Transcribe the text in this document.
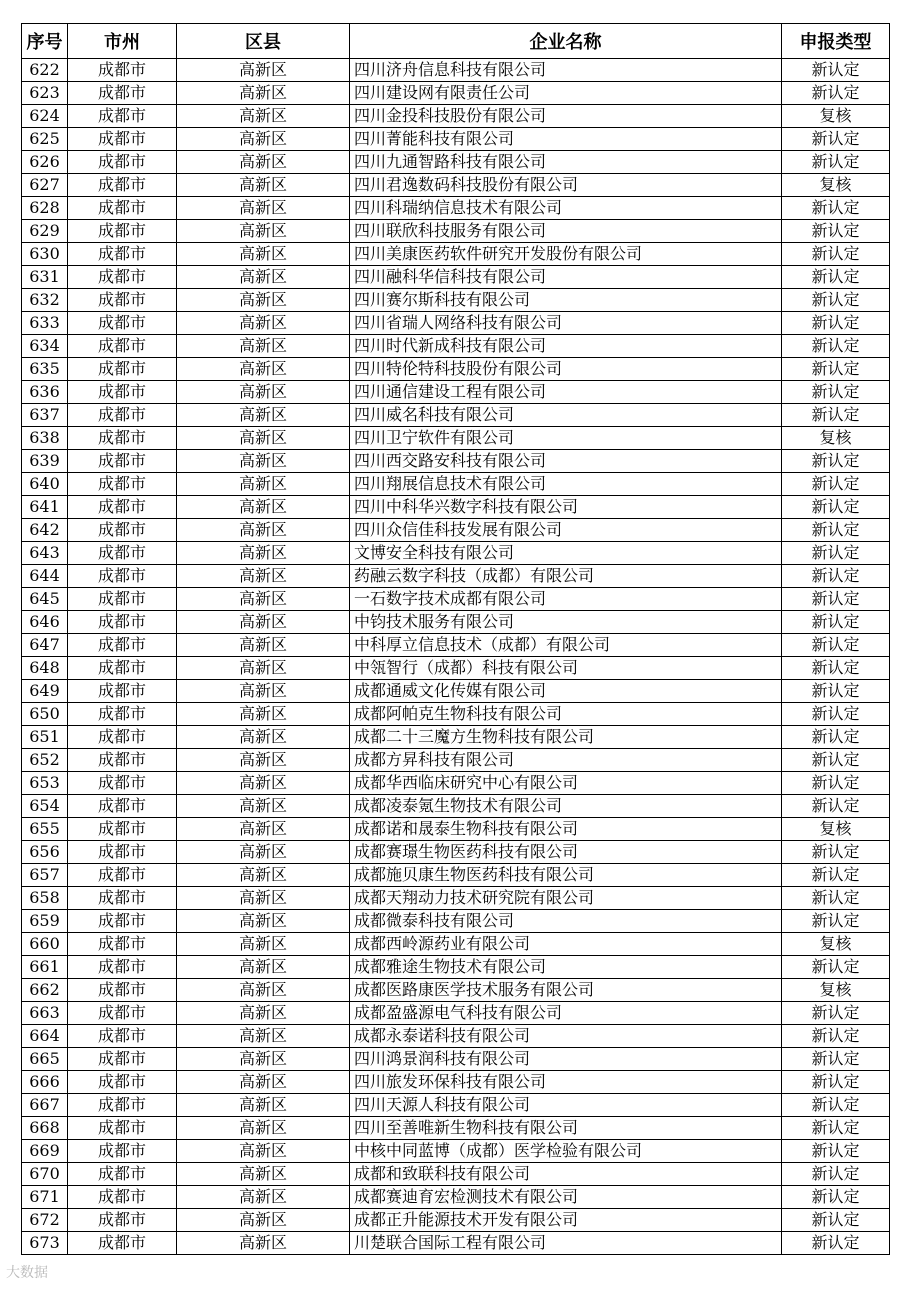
序号	市州	区县	企业名称	申报类型
622	成都市	高新区	四川济舟信息科技有限公司	新认定
623	成都市	高新区	四川建设网有限责任公司	新认定
624	成都市	高新区	四川金投科技股份有限公司	复核
625	成都市	高新区	四川菁能科技有限公司	新认定
626	成都市	高新区	四川九通智路科技有限公司	新认定
627	成都市	高新区	四川君逸数码科技股份有限公司	复核
628	成都市	高新区	四川科瑞纳信息技术有限公司	新认定
629	成都市	高新区	四川联欣科技服务有限公司	新认定
630	成都市	高新区	四川美康医药软件研究开发股份有限公司	新认定
631	成都市	高新区	四川融科华信科技有限公司	新认定
632	成都市	高新区	四川赛尔斯科技有限公司	新认定
633	成都市	高新区	四川省瑞人网络科技有限公司	新认定
634	成都市	高新区	四川时代新成科技有限公司	新认定
635	成都市	高新区	四川特伦特科技股份有限公司	新认定
636	成都市	高新区	四川通信建设工程有限公司	新认定
637	成都市	高新区	四川威名科技有限公司	新认定
638	成都市	高新区	四川卫宁软件有限公司	复核
639	成都市	高新区	四川西交路安科技有限公司	新认定
640	成都市	高新区	四川翔展信息技术有限公司	新认定
641	成都市	高新区	四川中科华兴数字科技有限公司	新认定
642	成都市	高新区	四川众信佳科技发展有限公司	新认定
643	成都市	高新区	文博安全科技有限公司	新认定
644	成都市	高新区	药融云数字科技（成都）有限公司	新认定
645	成都市	高新区	一石数字技术成都有限公司	新认定
646	成都市	高新区	中钧技术服务有限公司	新认定
647	成都市	高新区	中科厚立信息技术（成都）有限公司	新认定
648	成都市	高新区	中瓴智行（成都）科技有限公司	新认定
649	成都市	高新区	成都通威文化传媒有限公司	新认定
650	成都市	高新区	成都阿帕克生物科技有限公司	新认定
651	成都市	高新区	成都二十三魔方生物科技有限公司	新认定
652	成都市	高新区	成都方昇科技有限公司	新认定
653	成都市	高新区	成都华西临床研究中心有限公司	新认定
654	成都市	高新区	成都凌泰氪生物技术有限公司	新认定
655	成都市	高新区	成都诺和晟泰生物科技有限公司	复核
656	成都市	高新区	成都赛璟生物医药科技有限公司	新认定
657	成都市	高新区	成都施贝康生物医药科技有限公司	新认定
658	成都市	高新区	成都天翔动力技术研究院有限公司	新认定
659	成都市	高新区	成都微泰科技有限公司	新认定
660	成都市	高新区	成都西岭源药业有限公司	复核
661	成都市	高新区	成都雅途生物技术有限公司	新认定
662	成都市	高新区	成都医路康医学技术服务有限公司	复核
663	成都市	高新区	成都盈盛源电气科技有限公司	新认定
664	成都市	高新区	成都永泰诺科技有限公司	新认定
665	成都市	高新区	四川鸿景润科技有限公司	新认定
666	成都市	高新区	四川旅发环保科技有限公司	新认定
667	成都市	高新区	四川天源人科技有限公司	新认定
668	成都市	高新区	四川至善唯新生物科技有限公司	新认定
669	成都市	高新区	中核中同蓝博（成都）医学检验有限公司	新认定
670	成都市	高新区	成都和致联科技有限公司	新认定
671	成都市	高新区	成都赛迪育宏检测技术有限公司	新认定
672	成都市	高新区	成都正升能源技术开发有限公司	新认定
673	成都市	高新区	川楚联合国际工程有限公司	新认定
大数据
